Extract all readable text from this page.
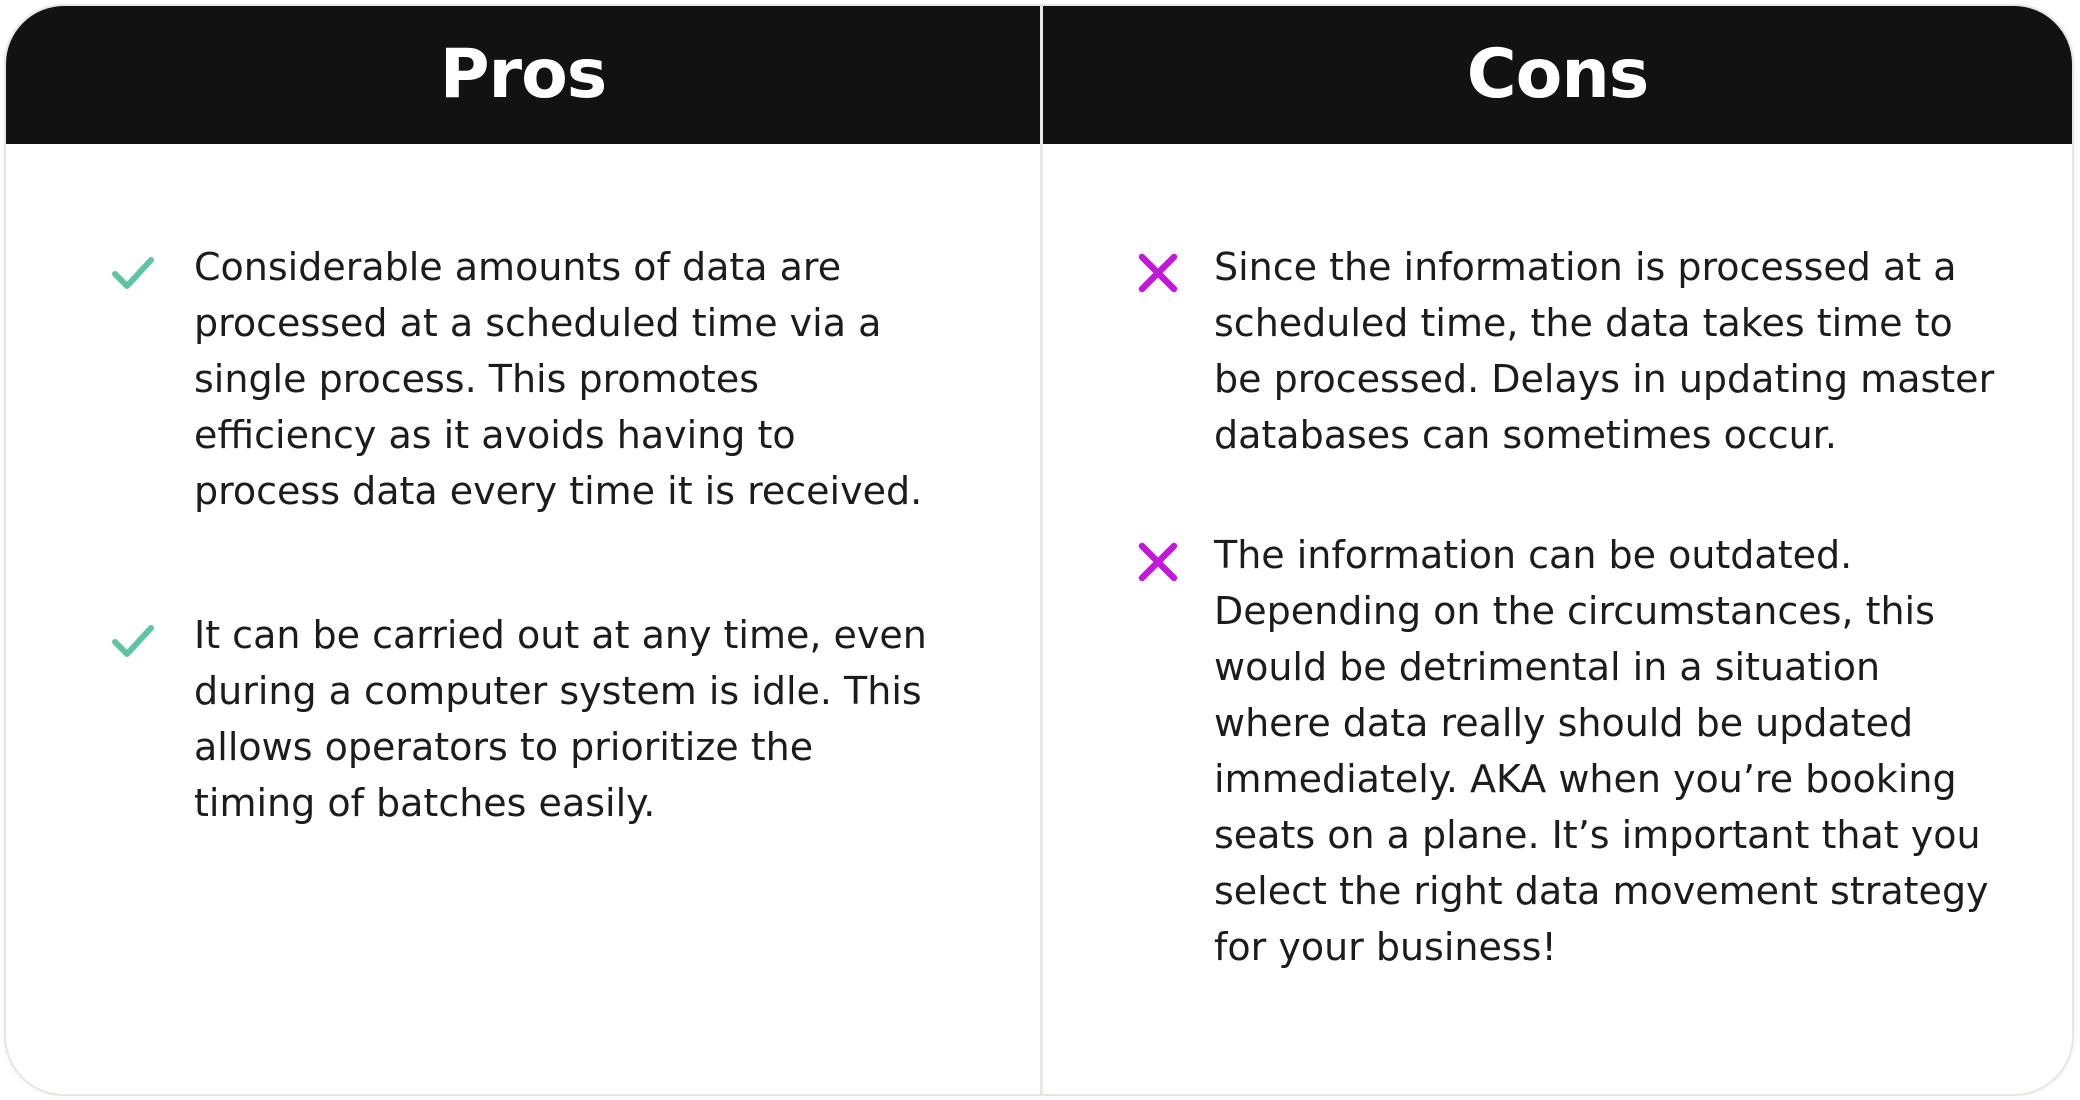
Pros	Cons
Considerable amounts of data are
processed at a scheduled time via a
single process. This promotes
efficiency as it avoids having to
process data every time it is received.
It can be carried out at any time, even
during a computer system is idle. This
allows operators to prioritize the
timing of batches easily.
Since the information is processed at a
scheduled time, the data takes time to
be processed. Delays in updating master
databases can sometimes occur.
The information can be outdated.
Depending on the circumstances, this
would be detrimental in a situation
where data really should be updated
immediately. AKA when you’re booking
seats on a plane. It’s important that you
select the right data movement strategy
for your business!
